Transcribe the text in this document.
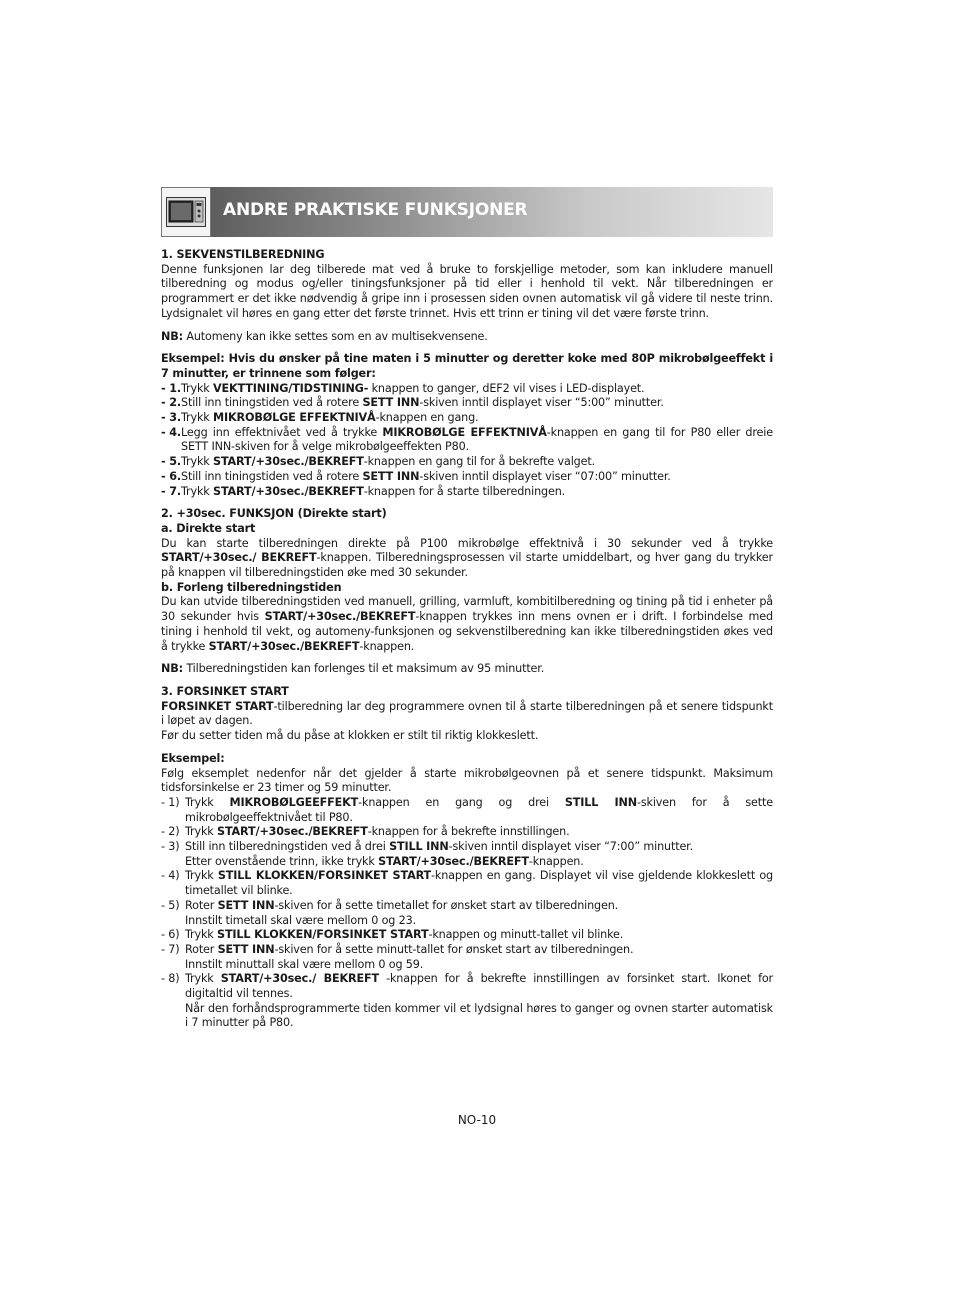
ANDRE PRAKTISKE FUNKSJONER

1. SEKVENSTILBEREDNING

Denne funksjonen lar deg tilberede mat ved å bruke to forskjellige metoder, som kan inkludere manuell tilberedning og modus og/eller tiningsfunksjoner på tid eller i henhold til vekt. Når tilberedningen er programmert er det ikke nødvendig å gripe inn i prosessen siden ovnen automatisk vil gå videre til neste trinn. Lydsignalet vil høres en gang etter det første trinnet. Hvis ett trinn er tining vil det være første trinn.

NB: Automeny kan ikke settes som en av multisekvensene.

Eksempel: Hvis du ønsker på tine maten i 5 minutter og deretter koke med 80P mikrobølgeeffekt i 7 minutter, er trinnene som følger:

- 1. Trykk VEKTTINING/TIDSTINING- knappen to ganger, dEF2 vil vises i LED-displayet.

- 2. Still inn tiningstiden ved å rotere SETT INN-skiven inntil displayet viser “5:00” minutter.

- 3. Trykk MIKROBØLGE EFFEKTNIVÅ-knappen en gang.

- 4. Legg inn effektnivået ved å trykke MIKROBØLGE EFFEKTNIVÅ-knappen en gang til for P80 eller dreie SETT INN-skiven for å velge mikrobølgeeffekten P80.

- 5. Trykk START/+30sec./BEKREFT-knappen en gang til for å bekrefte valget.

- 6. Still inn tiningstiden ved å rotere SETT INN-skiven inntil displayet viser “07:00” minutter.

- 7. Trykk START/+30sec./BEKREFT-knappen for å starte tilberedningen.

2. +30sec. FUNKSJON (Direkte start)

a. Direkte start

Du kan starte tilberedningen direkte på P100 mikrobølge effektnivå i 30 sekunder ved å trykke START/+30sec./ BEKREFT-knappen. Tilberedningsprosessen vil starte umiddelbart, og hver gang du trykker på knappen vil tilberedningstiden øke med 30 sekunder.

b. Forleng tilberedningstiden

Du kan utvide tilberedningstiden ved manuell, grilling, varmluft, kombitilberedning og tining på tid i enheter på 30 sekunder hvis START/+30sec./BEKREFT-knappen trykkes inn mens ovnen er i drift. I forbindelse med tining i henhold til vekt, og automeny-funksjonen og sekvenstilberedning kan ikke tilberedningstiden økes ved å trykke START/+30sec./BEKREFT-knappen.

NB: Tilberedningstiden kan forlenges til et maksimum av 95 minutter.

3. FORSINKET START

FORSINKET START-tilberedning lar deg programmere ovnen til å starte tilberedningen på et senere tidspunkt i løpet av dagen.

Før du setter tiden må du påse at klokken er stilt til riktig klokkeslett.

Eksempel:

Følg eksemplet nedenfor når det gjelder å starte mikrobølgeovnen på et senere tidspunkt. Maksimum tidsforsinkelse er 23 timer og 59 minutter.

- 1) Trykk MIKROBØLGEEFFEKT-knappen en gang og drei STILL INN-skiven for å sette mikrobølgeeffektnivået til P80.

- 2) Trykk START/+30sec./BEKREFT-knappen for å bekrefte innstillingen.

- 3) Still inn tilberedningstiden ved å drei STILL INN-skiven inntil displayet viser “7:00” minutter.
Etter ovenstående trinn, ikke trykk START/+30sec./BEKREFT-knappen.

- 4) Trykk STILL KLOKKEN/FORSINKET START-knappen en gang. Displayet vil vise gjeldende klokkeslett og timetallet vil blinke.

- 5) Roter SETT INN-skiven for å sette timetallet for ønsket start av tilberedningen.
Innstilt timetall skal være mellom 0 og 23.

- 6) Trykk STILL KLOKKEN/FORSINKET START-knappen og minutt-tallet vil blinke.

- 7) Roter SETT INN-skiven for å sette minutt-tallet for ønsket start av tilberedningen.
Innstilt minuttall skal være mellom 0 og 59.

- 8) Trykk START/+30sec./ BEKREFT -knappen for å bekrefte innstillingen av forsinket start. Ikonet for digitaltid vil tennes.
Når den forhåndsprogrammerte tiden kommer vil et lydsignal høres to ganger og ovnen starter automatisk i 7 minutter på P80.

NO-10
